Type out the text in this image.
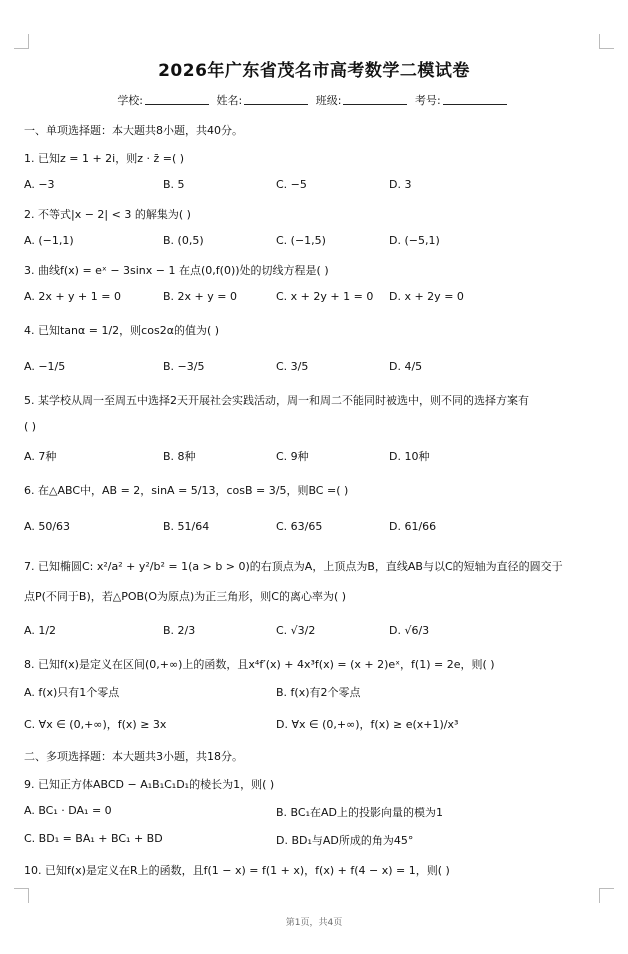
2026年广东省茂名市高考数学二模试卷
学校:	姓名:	班级:	考号:
一、单项选择题：本大题共8小题，共40分。
1. 已知z = 1 + 2i，则z · z̄ =( )
A. −3	B. 5	C. −5	D. 3
2. 不等式|x − 2| < 3 的解集为( )
A. (−1,1)	B. (0,5)	C. (−1,5)	D. (−5,1)
3. 曲线f(x) = eˣ − 3sinx − 1 在点(0,f(0))处的切线方程是( )
A. 2x + y + 1 = 0	B. 2x + y = 0	C. x + 2y + 1 = 0 D. x + 2y = 0
4. 已知tanα = 1/2，则cos2α的值为( )
A. −1/5	B. −3/5	C. 3/5	D. 4/5
5. 某学校从周一至周五中选择2天开展社会实践活动，周一和周二不能同时被选中，则不同的选择方案有
( )
A. 7种	B. 8种	C. 9种	D. 10种
6. 在△ABC中，AB = 2，sinA = 5/13，cosB = 3/5，则BC =( )
A. 50/63	B. 51/64	C. 63/65	D. 61/66
7. 已知椭圆C: x²/a² + y²/b² = 1(a > b > 0)的右顶点为A，上顶点为B，直线AB与以C的短轴为直径的圆交于
点P(不同于B)，若△POB(O为原点)为正三角形，则C的离心率为( )
A. 1/2	B. 2/3	C. √3/2	D. √6/3
8. 已知f(x)是定义在区间(0,+∞)上的函数，且x⁴f′(x) + 4x³f(x) = (x + 2)eˣ，f(1) = 2e，则( )
A. f(x)只有1个零点	B. f(x)有2个零点
C. ∀x ∈ (0,+∞)，f(x) ≥ 3x	D. ∀x ∈ (0,+∞)，f(x) ≥ e(x+1)/x³
二、多项选择题：本大题共3小题，共18分。
9. 已知正方体ABCD − A₁B₁C₁D₁的棱长为1，则( )
A. BC₁ · DA₁ = 0	B. BC₁在AD上的投影向量的模为1
C. BD₁ = BA₁ + BC₁ + BD	D. BD₁与AD所成的角为45°
10. 已知f(x)是定义在R上的函数，且f(1 − x) = f(1 + x)，f(x) + f(4 − x) = 1，则( )
第1页，共4页
